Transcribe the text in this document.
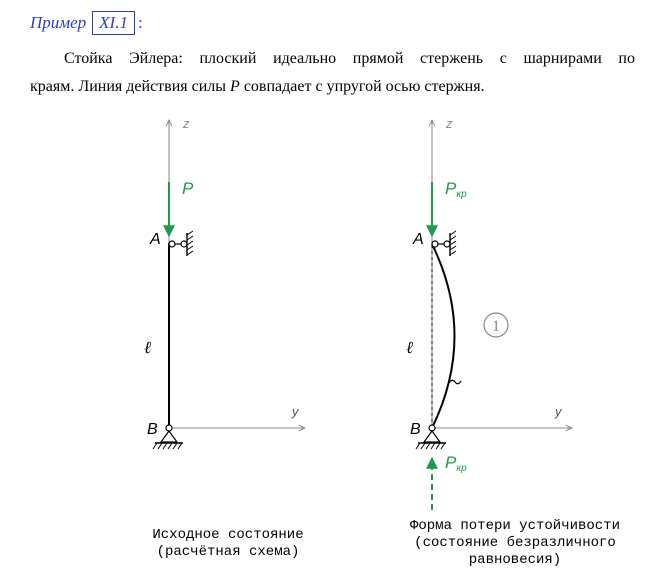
Пример XI.1 :
Стойка Эйлера: плоский идеально прямой стержень с шарнирами по
краям. Линия действия силы P совпадает с упругой осью стержня.
z
y
P
A
ℓ
B
z
y
Pкр
A
ℓ
1
B
Pкр
Исходное состояние
(расчётная схема)
Форма потери устойчивости
(состояние безразличного
равновесия)
